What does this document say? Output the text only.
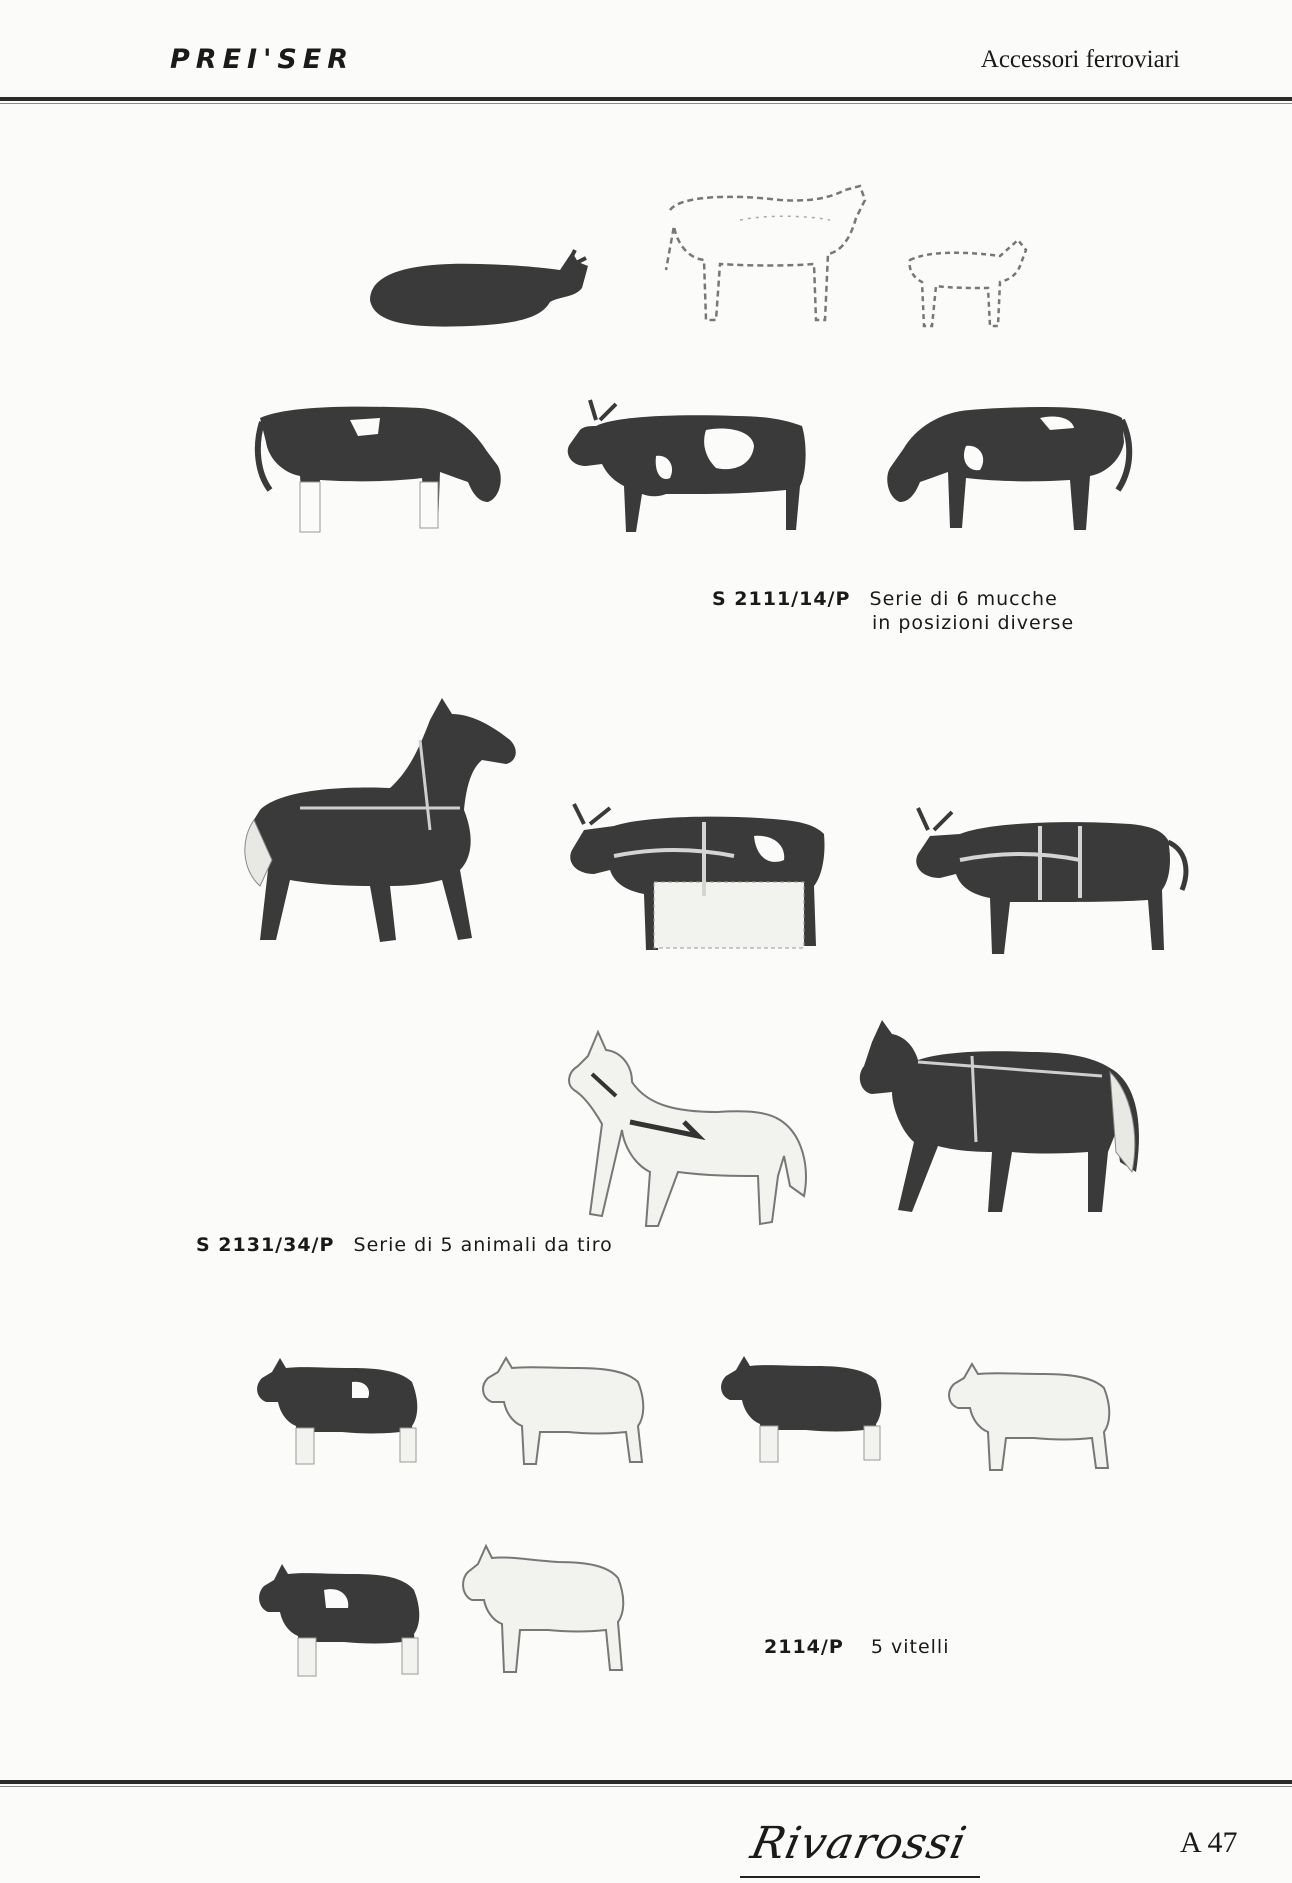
PREI'SER	Accessori ferroviari
S 2111/14/P Serie di 6 mucche
in posizioni diverse
S 2131/34/P Serie di 5 animali da tiro
2114/P 5 vitelli
Rivarossi	A 47
